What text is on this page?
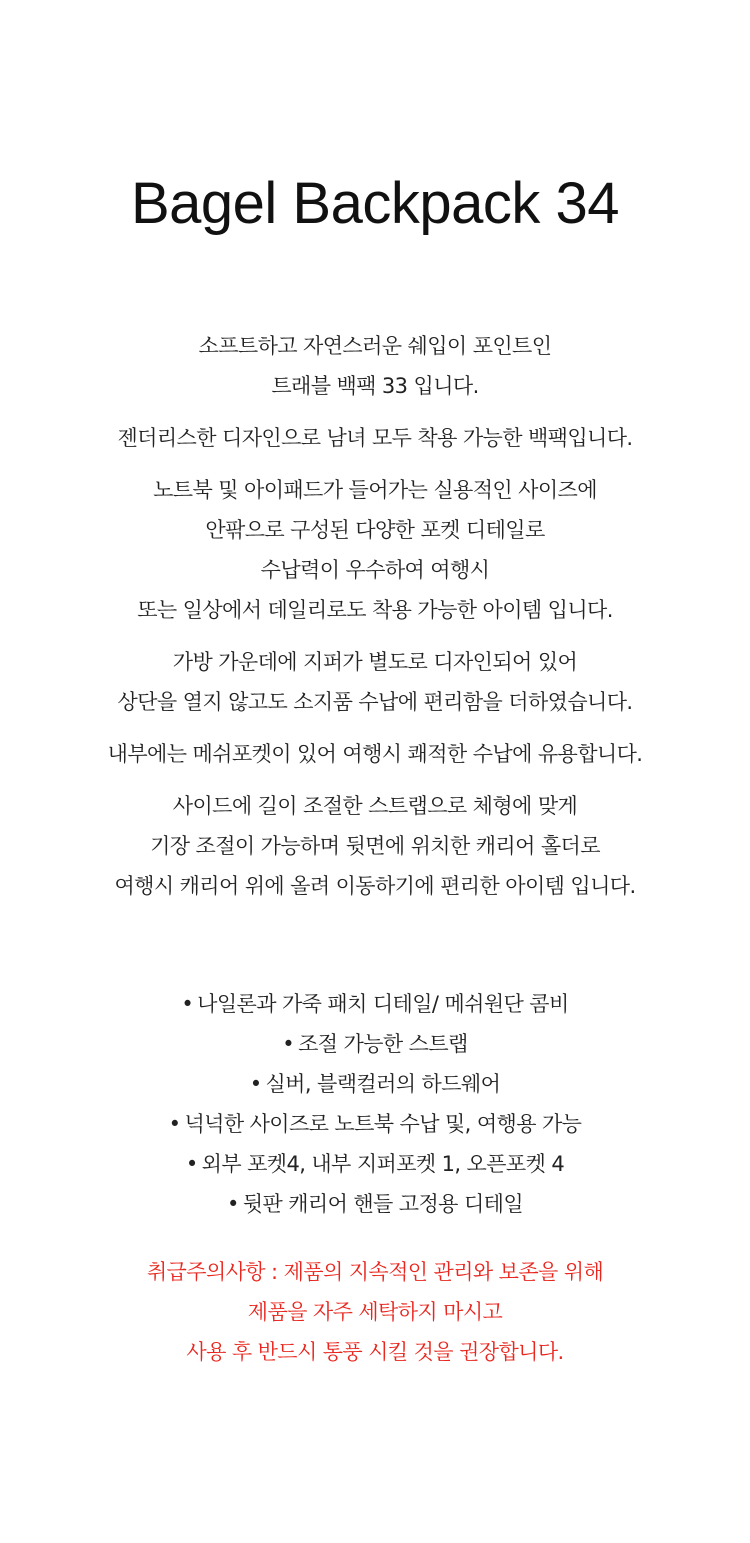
Bagel Backpack 34

소프트하고 자연스러운 쉐입이 포인트인
트래블 백팩 33 입니다.

젠더리스한 디자인으로 남녀 모두 착용 가능한 백팩입니다.

노트북 및 아이패드가 들어가는 실용적인 사이즈에
안팎으로 구성된 다양한 포켓 디테일로
수납력이 우수하여 여행시
또는 일상에서 데일리로도 착용 가능한 아이템 입니다.

가방 가운데에 지퍼가 별도로 디자인되어 있어
상단을 열지 않고도 소지품 수납에 편리함을 더하였습니다.

내부에는 메쉬포켓이 있어 여행시 쾌적한 수납에 유용합니다.

사이드에 길이 조절한 스트랩으로 체형에 맞게
기장 조절이 가능하며 뒷면에 위치한 캐리어 홀더로
여행시 캐리어 위에 올려 이동하기에 편리한 아이템 입니다.

• 나일론과 가죽 패치 디테일/ 메쉬원단 콤비
• 조절 가능한 스트랩
• 실버, 블랙컬러의 하드웨어
• 넉넉한 사이즈로 노트북 수납 및, 여행용 가능
• 외부 포켓4, 내부 지퍼포켓 1, 오픈포켓 4
• 뒷판 캐리어 핸들 고정용 디테일

취급주의사항 : 제품의 지속적인 관리와 보존을 위해
제품을 자주 세탁하지 마시고
사용 후 반드시 통풍 시킬 것을 권장합니다.
